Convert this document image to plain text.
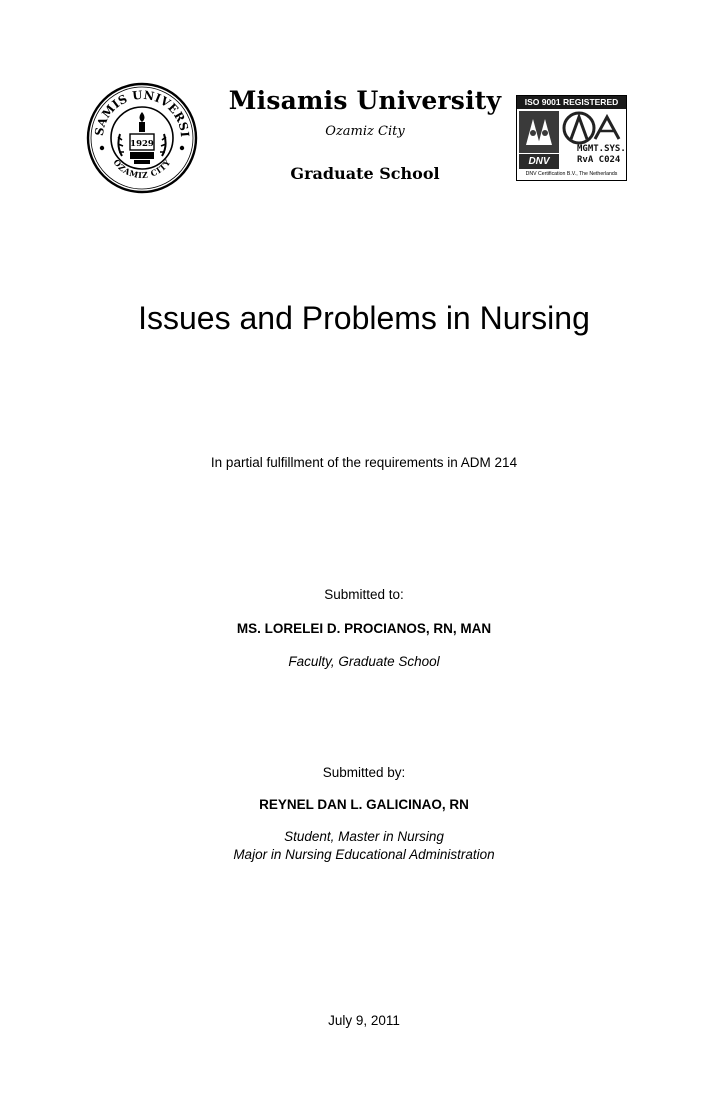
SAMIS UNIVERSI
OZAMIZ CITY
1929
Misamis University
Ozamiz City
Graduate School
ISO 9001 REGISTERED
DNV
MGMT.SYS.
RvA C024
DNV Certification B.V., The Netherlands
Issues and Problems in Nursing
In partial fulfillment of the requirements in ADM 214
Submitted to:
MS. LORELEI D. PROCIANOS, RN, MAN
Faculty, Graduate School
Submitted by:
REYNEL DAN L. GALICINAO, RN
Student, Master in Nursing
Major in Nursing Educational Administration
July 9, 2011
